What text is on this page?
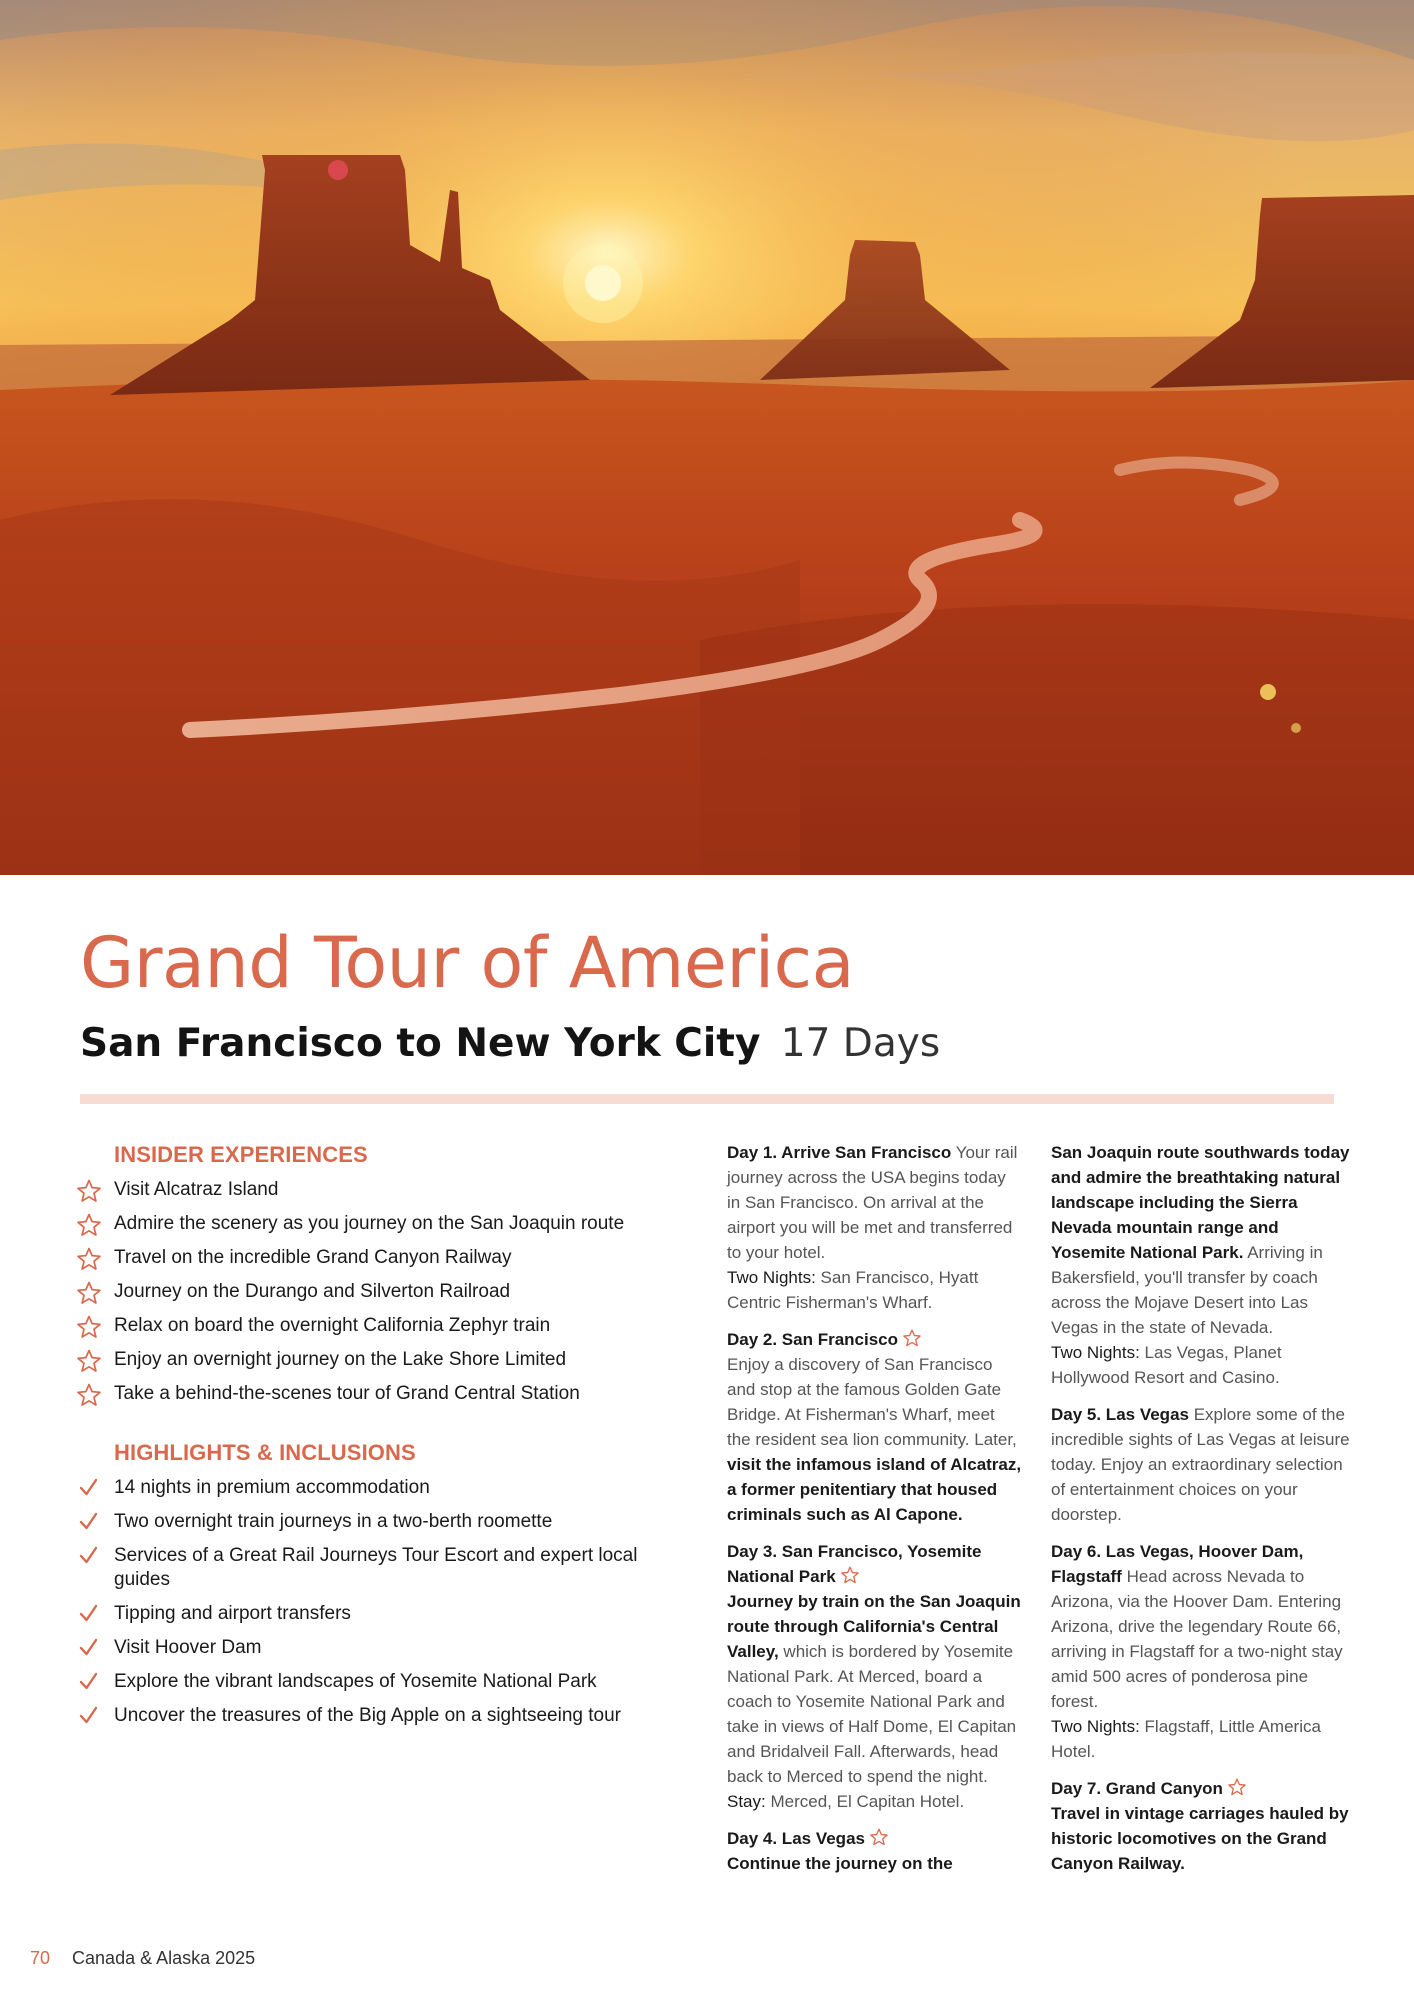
Grand Tour of America

San Francisco to New York City 17 Days

INSIDER EXPERIENCES
Visit Alcatraz Island
Admire the scenery as you journey on the San Joaquin route
Travel on the incredible Grand Canyon Railway
Journey on the Durango and Silverton Railroad
Relax on board the overnight California Zephyr train
Enjoy an overnight journey on the Lake Shore Limited
Take a behind-the-scenes tour of Grand Central Station
HIGHLIGHTS & INCLUSIONS
14 nights in premium accommodation
Two overnight train journeys in a two-berth roomette
Services of a Great Rail Journeys Tour Escort and expert local guides
Tipping and airport transfers
Visit Hoover Dam
Explore the vibrant landscapes of Yosemite National Park
Uncover the treasures of the Big Apple on a sightseeing tour

Day 1. Arrive San Francisco Your rail journey across the USA begins today in San Francisco. On arrival at the airport you will be met and transferred to your hotel.
Two Nights: San Francisco, Hyatt Centric Fisherman's Wharf.

Day 2. San Francisco
Enjoy a discovery of San Francisco and stop at the famous Golden Gate Bridge. At Fisherman's Wharf, meet the resident sea lion community. Later, visit the infamous island of Alcatraz, a former penitentiary that housed criminals such as Al Capone.

Day 3. San Francisco, Yosemite National Park
Journey by train on the San Joaquin route through California's Central Valley, which is bordered by Yosemite National Park. At Merced, board a coach to Yosemite National Park and take in views of Half Dome, El Capitan and Bridalveil Fall. Afterwards, head back to Merced to spend the night.
Stay: Merced, El Capitan Hotel.

Day 4. Las Vegas
Continue the journey on the

San Joaquin route southwards today and admire the breathtaking natural landscape including the Sierra Nevada mountain range and Yosemite National Park. Arriving in Bakersfield, you'll transfer by coach across the Mojave Desert into Las Vegas in the state of Nevada.
Two Nights: Las Vegas, Planet Hollywood Resort and Casino.

Day 5. Las Vegas Explore some of the incredible sights of Las Vegas at leisure today. Enjoy an extraordinary selection of entertainment choices on your doorstep.

Day 6. Las Vegas, Hoover Dam, Flagstaff Head across Nevada to Arizona, via the Hoover Dam. Entering Arizona, drive the legendary Route 66, arriving in Flagstaff for a two-night stay amid 500 acres of ponderosa pine forest.
Two Nights: Flagstaff, Little America Hotel.

Day 7. Grand Canyon
Travel in vintage carriages hauled by historic locomotives on the Grand Canyon Railway.

70 Canada & Alaska 2025
